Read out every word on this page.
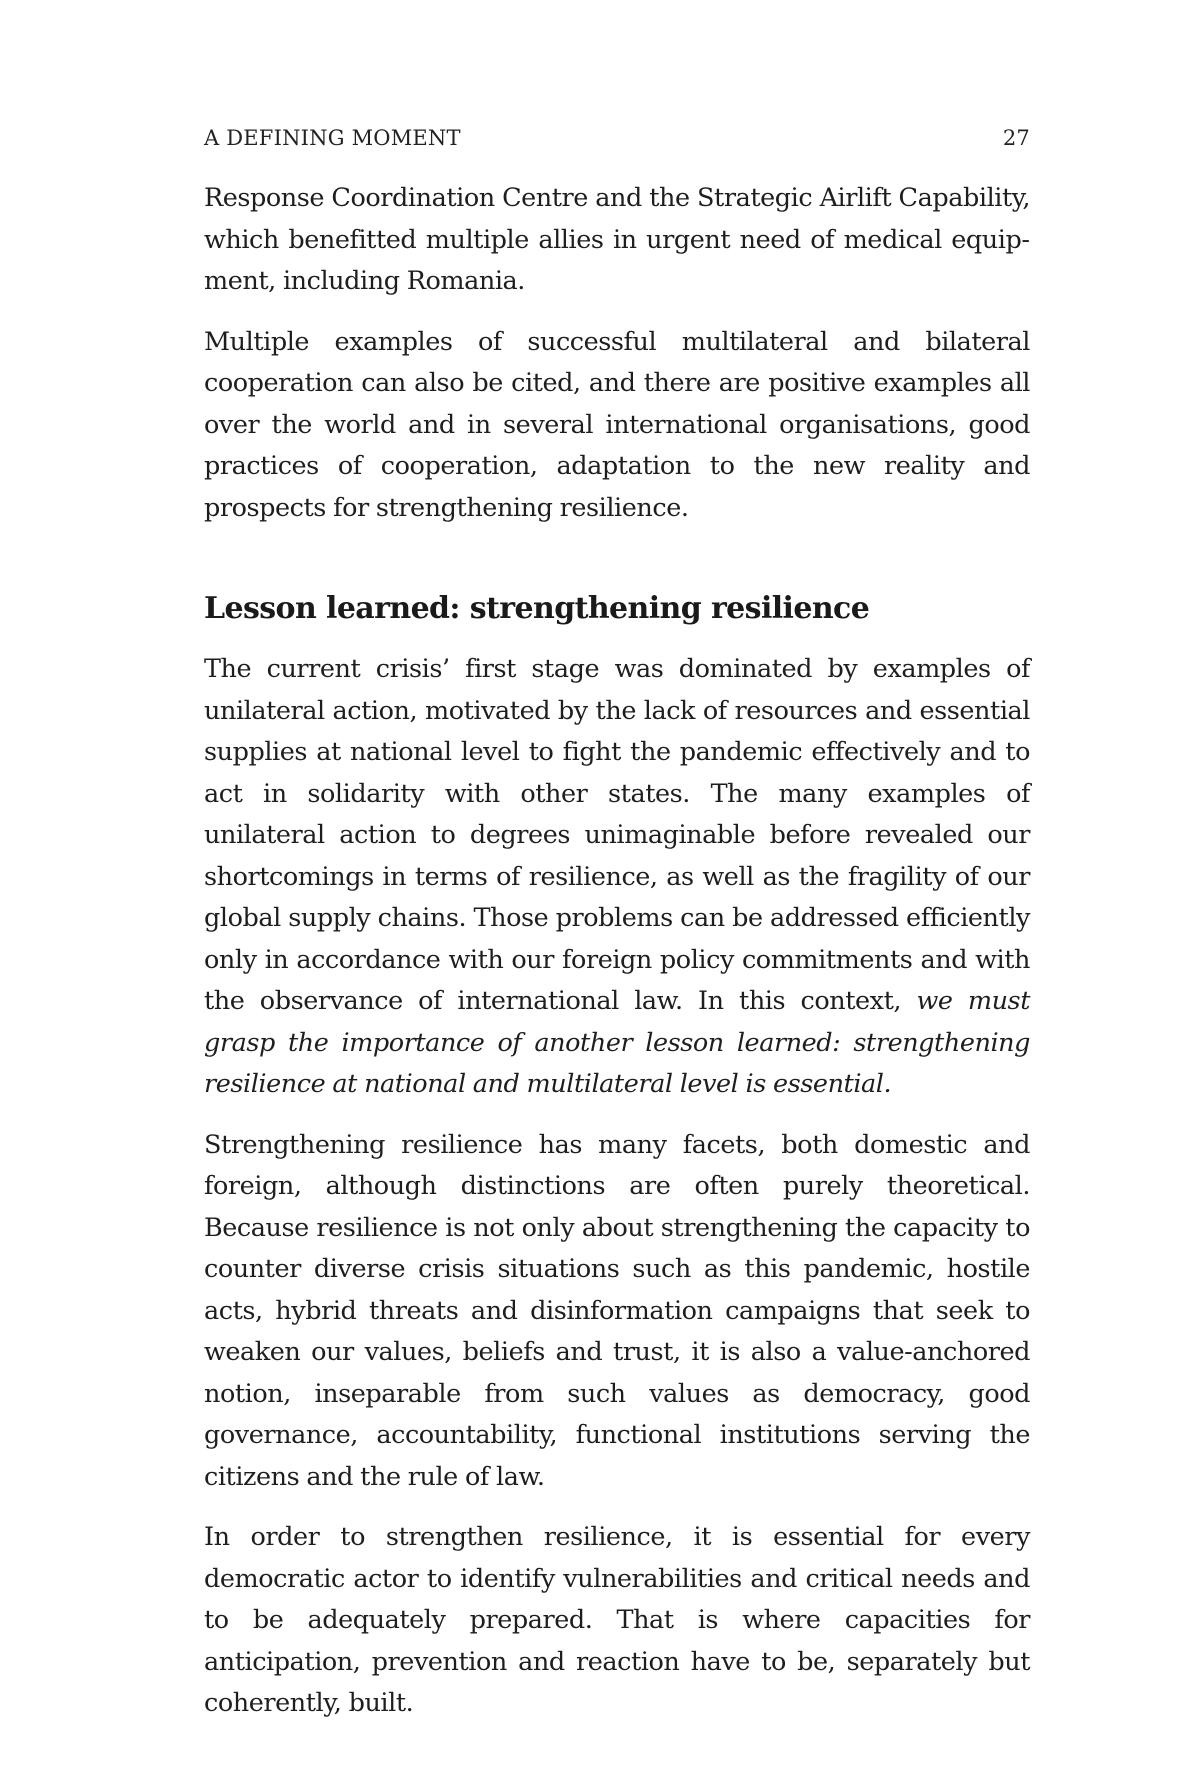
A DEFINING MOMENT	27

Response Coordination Centre and the Strategic Airlift Capability, which benefitted multiple allies in urgent need of medical equipment, including Romania.

Multiple examples of successful multilateral and bilateral cooperation can also be cited, and there are positive examples all over the world and in several international organisations, good practices of cooperation, adaptation to the new reality and prospects for strengthening resilience.

Lesson learned: strengthening resilience

The current crisis’ first stage was dominated by examples of unilateral action, motivated by the lack of resources and essential supplies at national level to fight the pandemic effectively and to act in solidarity with other states. The many examples of unilateral action to degrees unimaginable before revealed our shortcomings in terms of resilience, as well as the fragility of our global supply chains. Those problems can be addressed efficiently only in accordance with our foreign policy commitments and with the observance of international law. In this context, we must grasp the importance of another lesson learned: strengthening resilience at national and multilateral level is essential.

Strengthening resilience has many facets, both domestic and foreign, although distinctions are often purely theoretical. Because resilience is not only about strengthening the capacity to counter diverse crisis situations such as this pandemic, hostile acts, hybrid threats and disinformation campaigns that seek to weaken our values, beliefs and trust, it is also a value-anchored notion, inseparable from such values as democracy, good governance, accountability, functional institutions serving the citizens and the rule of law.

In order to strengthen resilience, it is essential for every democratic actor to identify vulnerabilities and critical needs and to be adequately prepared. That is where capacities for anticipation, prevention and reaction have to be, separately but coherently, built.
